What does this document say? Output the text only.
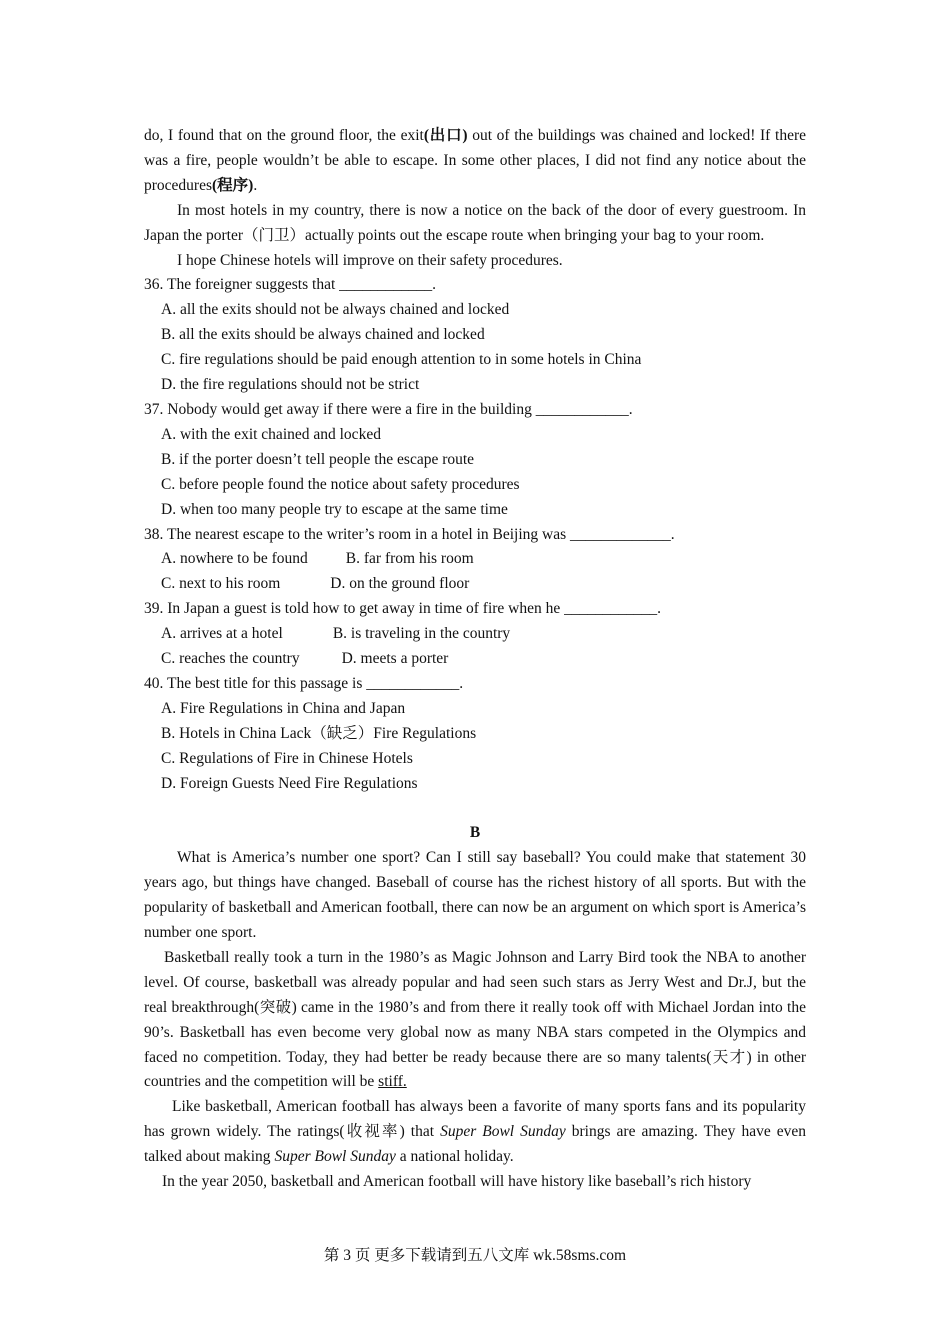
do, I found that on the ground floor, the exit(出口) out of the buildings was chained and locked! If there was a fire, people wouldn’t be able to escape. In some other places, I did not find any notice about the procedures(程序).

In most hotels in my country, there is now a notice on the back of the door of every guestroom. In Japan the porter（门卫）actually points out the escape route when bringing your bag to your room.

I hope Chinese hotels will improve on their safety procedures.

36. The foreigner suggests that ____________.

A. all the exits should not be always chained and locked

B. all the exits should be always chained and locked

C. fire regulations should be paid enough attention to in some hotels in China

D. the fire regulations should not be strict

37. Nobody would get away if there were a fire in the building ____________.

A. with the exit chained and locked

B. if the porter doesn’t tell people the escape route

C. before people found the notice about safety procedures

D. when too many people try to escape at the same time

38. The nearest escape to the writer’s room in a hotel in Beijing was _____________.

A. nowhere to be found B. far from his room

C. next to his room	D. on the ground floor

39. In Japan a guest is told how to get away in time of fire when he ____________.

A. arrives at a hotel	B. is traveling in the country

C. reaches the country	D. meets a porter

40. The best title for this passage is ____________.

A. Fire Regulations in China and Japan

B. Hotels in China Lack（缺乏）Fire Regulations

C. Regulations of Fire in Chinese Hotels

D. Foreign Guests Need Fire Regulations

B

What is America’s number one sport? Can I still say baseball? You could make that statement 30 years ago, but things have changed. Baseball of course has the richest history of all sports. But with the popularity of basketball and American football, there can now be an argument on which sport is America’s number one sport.

Basketball really took a turn in the 1980’s as Magic Johnson and Larry Bird took the NBA to another level. Of course, basketball was already popular and had seen such stars as Jerry West and Dr.J, but the real breakthrough(突破) came in the 1980’s and from there it really took off with Michael Jordan into the 90’s. Basketball has even become very global now as many NBA stars competed in the Olympics and faced no competition. Today, they had better be ready because there are so many talents(天才) in other countries and the competition will be stiff.

Like basketball, American football has always been a favorite of many sports fans and its popularity has grown widely. The ratings(收视率) that Super Bowl Sunday brings are amazing. They have even talked about making Super Bowl Sunday a national holiday.

In the year 2050, basketball and American football will have history like baseball’s rich history

第 3 页 更多下载请到五八文库 wk.58sms.com
